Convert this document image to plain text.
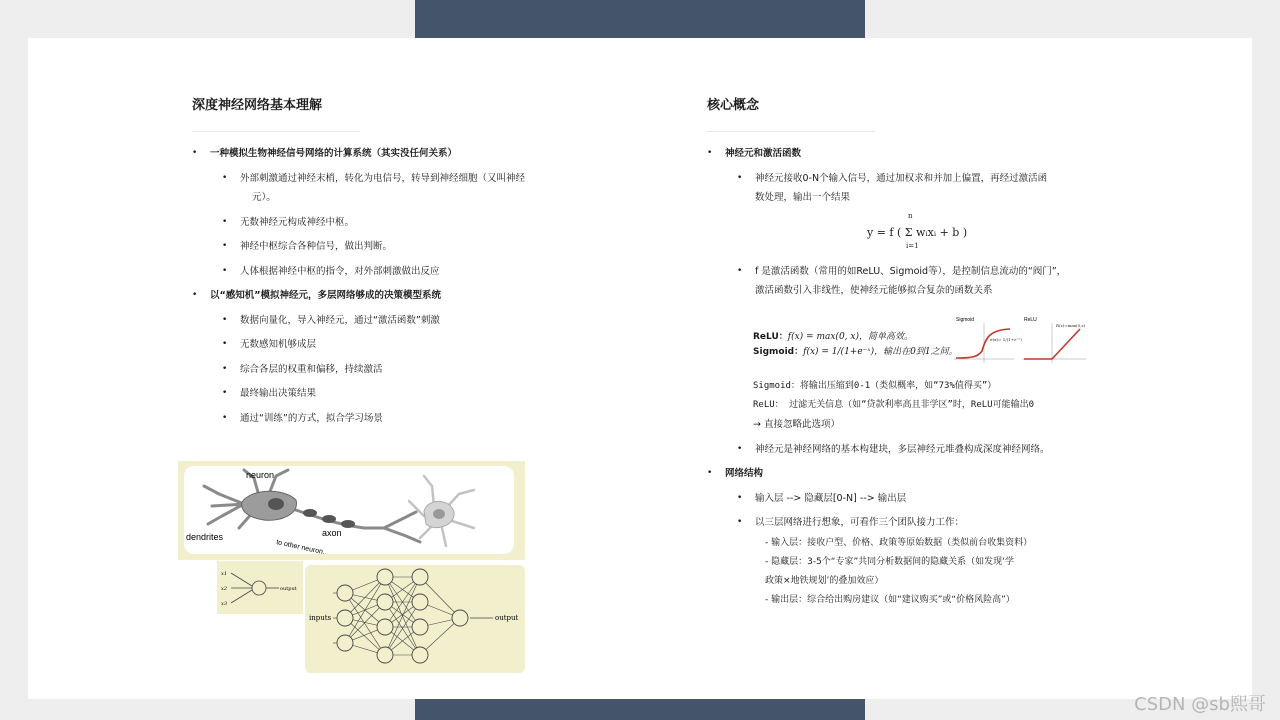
深度神经网络基本理解
• 一种模拟生物神经信号网络的计算系统（其实没任何关系）
• 外部刺激通过神经末梢，转化为电信号，转导到神经细胞（又叫神经
元）。
• 无数神经元构成神经中枢。
• 神经中枢综合各种信号，做出判断。
• 人体根据神经中枢的指令，对外部刺激做出反应
• 以“感知机”模拟神经元，多层网络够成的决策模型系统
• 数据向量化，导入神经元，通过“激活函数”刺激
• 无数感知机够成层
• 综合各层的权重和偏移，持续激活
• 最终输出决策结果
• 通过“训练”的方式，拟合学习场景
neuron
dendrites	axon
to other neuron...
x1
x2
x3
output
inputs	output
核心概念
• 神经元和激活函数
• 神经元接收0-N个输入信号，通过加权求和并加上偏置，再经过激活函
数处理，输出一个结果
n
y = f ( Σ wᵢxᵢ + b )
i=1
• f 是激活函数（常用的如ReLU、Sigmoid等），是控制信息流动的“阀门”，
激活函数引入非线性，使神经元能够拟合复杂的函数关系
ReLU：f(x) = max(0, x)，简单高效。
Sigmoid：f(x) = 1/(1+e⁻ˣ)，输出在0到1之间。
Sigmoid：将输出压缩到0-1（类似概率，如“73%值得买”）
ReLU： 过滤无关信息（如“贷款利率高且非学区”时，ReLU可能输出0
→ 直接忽略此选项）
• 神经元是神经网络的基本构建块，多层神经元堆叠构成深度神经网络。
• 网络结构
• 输入层 --> 隐藏层[0-N] --> 输出层
• 以三层网络进行想象，可看作三个团队接力工作：
- 输入层：接收户型、价格、政策等原始数据（类似前台收集资料）
- 隐藏层：3-5个“专家”共同分析数据间的隐藏关系（如发现‘学
政策×地铁规划’的叠加效应）
- 输出层：综合给出购房建议（如“建议购买”或“价格风险高”）
Sigmoid
σ(x)= 1/(1+e⁻ˣ)
ReLU
R(z)=max(0,z)
CSDN @sb熙哥
